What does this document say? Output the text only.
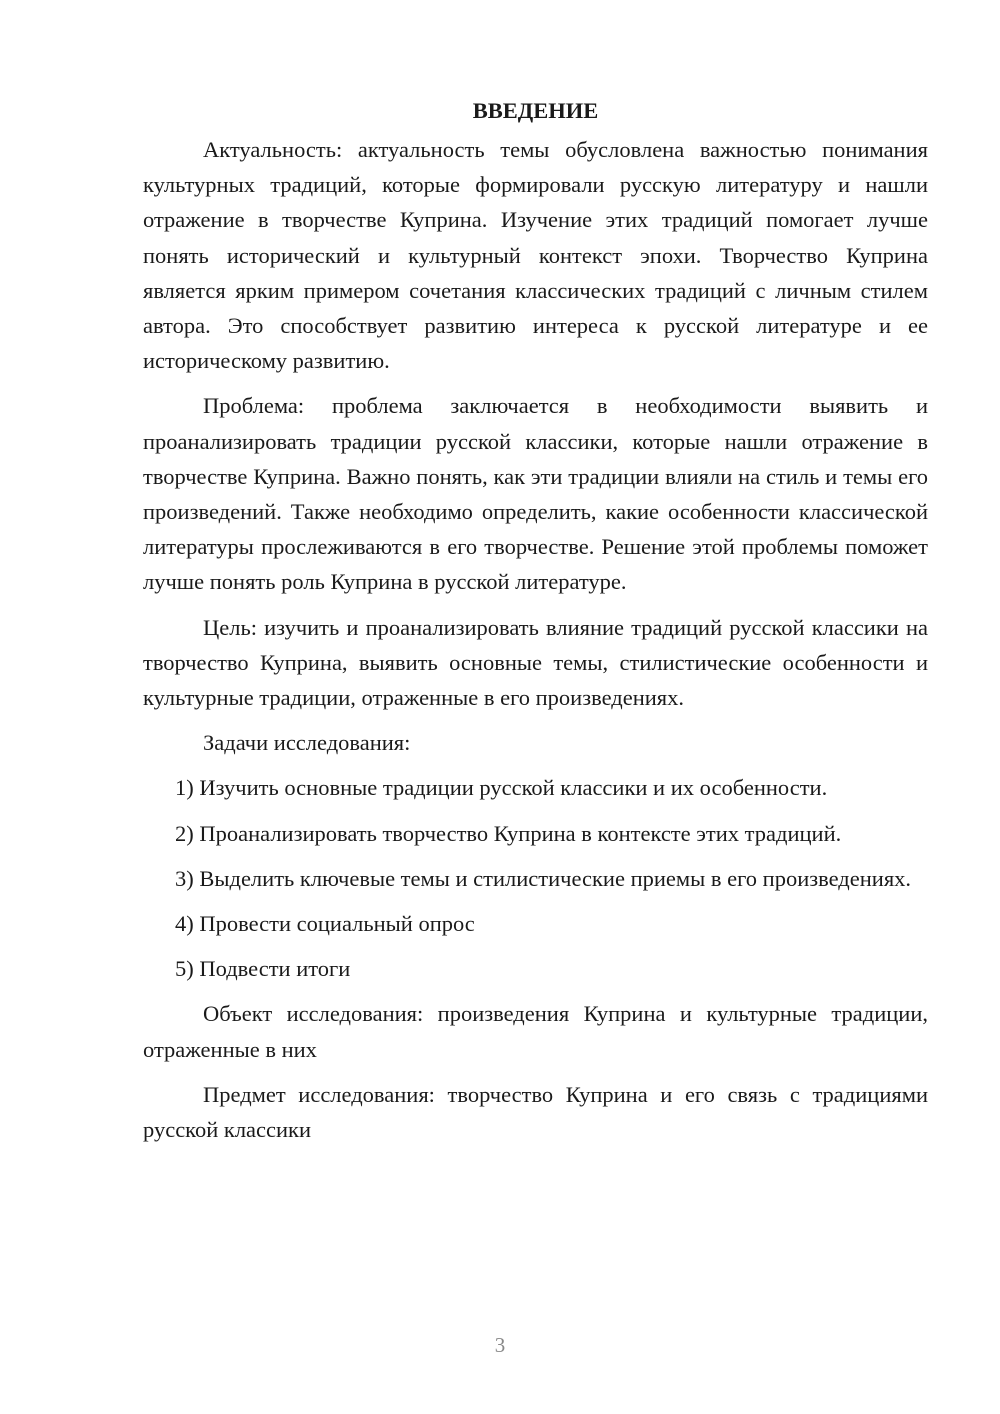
ВВЕДЕНИЕ

Актуальность: актуальность темы обусловлена важностью понимания культурных традиций, которые формировали русскую литературу и нашли отражение в творчестве Куприна. Изучение этих традиций помогает лучше понять исторический и культурный контекст эпохи. Творчество Куприна является ярким примером сочетания классических традиций с личным стилем автора. Это способствует развитию интереса к русской литературе и ее историческому развитию.

Проблема: проблема заключается в необходимости выявить и проанализировать традиции русской классики, которые нашли отражение в творчестве Куприна. Важно понять, как эти традиции влияли на стиль и темы его произведений. Также необходимо определить, какие особенности классической литературы прослеживаются в его творчестве. Решение этой проблемы поможет лучше понять роль Куприна в русской литературе.

Цель: изучить и проанализировать влияние традиций русской классики на творчество Куприна, выявить основные темы, стилистические особенности и культурные традиции, отраженные в его произведениях.

Задачи исследования:

1) Изучить основные традиции русской классики и их особенности.

2) Проанализировать творчество Куприна в контексте этих традиций.

3) Выделить ключевые темы и стилистические приемы в его произведениях.

4) Провести социальный опрос

5) Подвести итоги

Объект исследования: произведения Куприна и культурные традиции, отраженные в них

Предмет исследования: творчество Куприна и его связь с традициями русской классики

3
